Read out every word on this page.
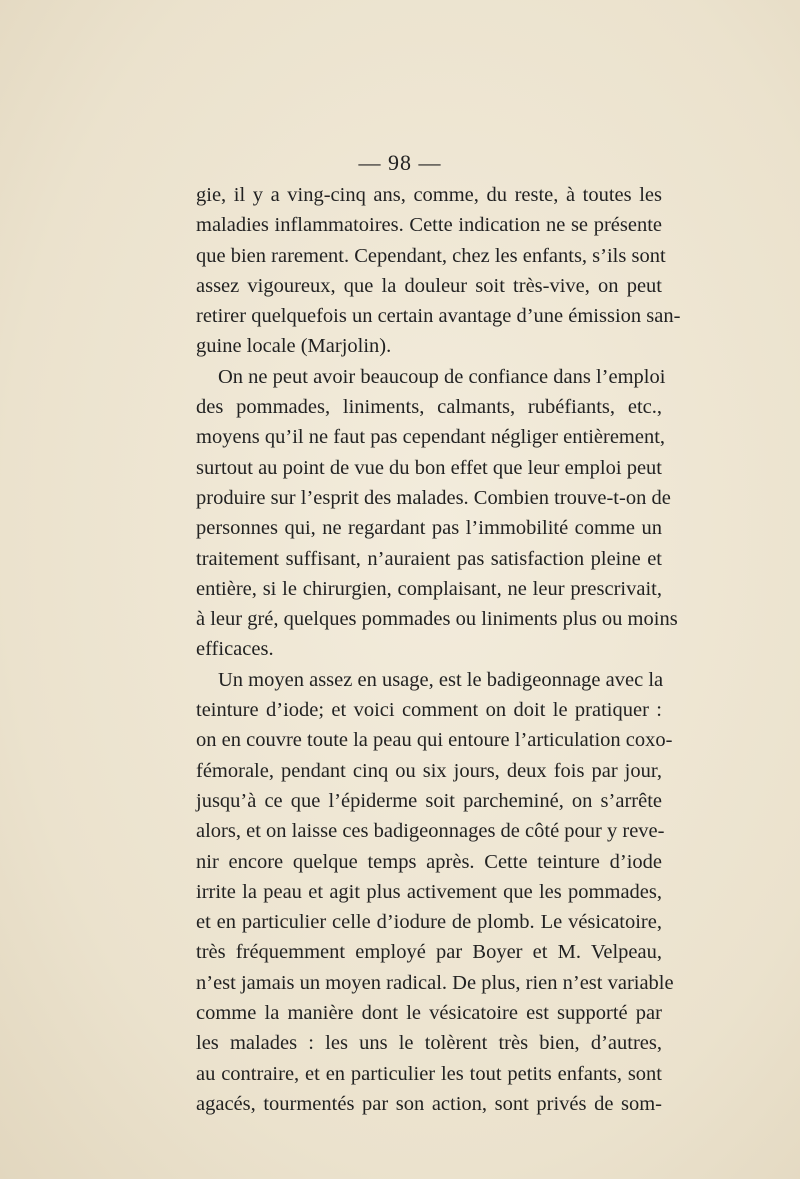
— 98 —
gie, il y a ving-cinq ans, comme, du reste, à toutes les
maladies inflammatoires. Cette indication ne se présente
que bien rarement. Cependant, chez les enfants, s’ils sont
assez vigoureux, que la douleur soit très-vive, on peut
retirer quelquefois un certain avantage d’une émission san-
guine locale (Marjolin).
On ne peut avoir beaucoup de confiance dans l’emploi
des pommades, liniments, calmants, rubéfiants, etc.,
moyens qu’il ne faut pas cependant négliger entièrement,
surtout au point de vue du bon effet que leur emploi peut
produire sur l’esprit des malades. Combien trouve-t-on de
personnes qui, ne regardant pas l’immobilité comme un
traitement suffisant, n’auraient pas satisfaction pleine et
entière, si le chirurgien, complaisant, ne leur prescrivait,
à leur gré, quelques pommades ou liniments plus ou moins
efficaces.
Un moyen assez en usage, est le badigeonnage avec la
teinture d’iode; et voici comment on doit le pratiquer :
on en couvre toute la peau qui entoure l’articulation coxo-
fémorale, pendant cinq ou six jours, deux fois par jour,
jusqu’à ce que l’épiderme soit parcheminé, on s’arrête
alors, et on laisse ces badigeonnages de côté pour y reve-
nir encore quelque temps après. Cette teinture d’iode
irrite la peau et agit plus activement que les pommades,
et en particulier celle d’iodure de plomb. Le vésicatoire,
très fréquemment employé par Boyer et M. Velpeau,
n’est jamais un moyen radical. De plus, rien n’est variable
comme la manière dont le vésicatoire est supporté par
les malades : les uns le tolèrent très bien, d’autres,
au contraire, et en particulier les tout petits enfants, sont
agacés, tourmentés par son action, sont privés de som-
